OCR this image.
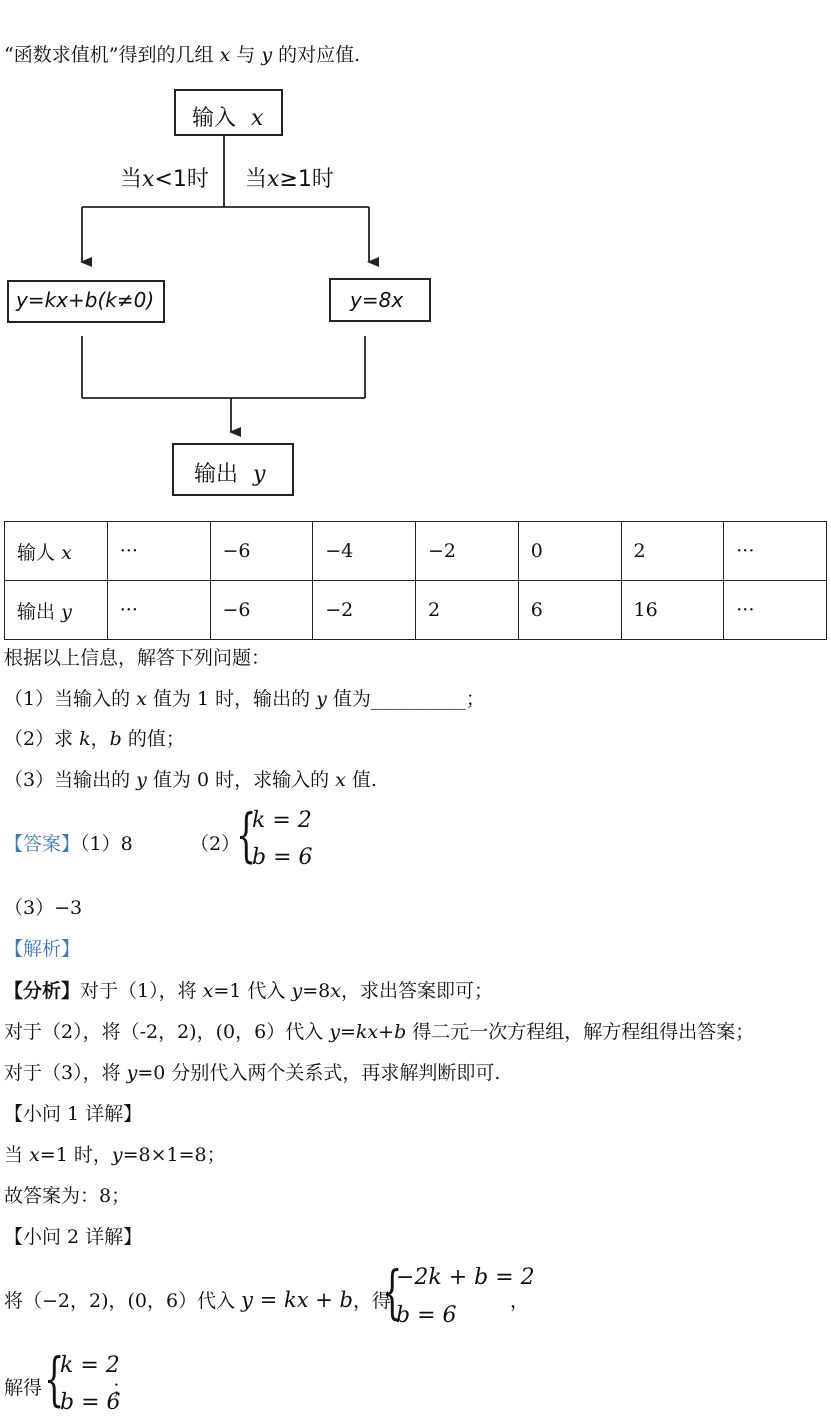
“函数求值机”得到的几组 x 与 y 的对应值.
输入 x
当x<1时 当x≥1时
y=kx+b(k≠0)	y=8x
输出 y
输人 x	···	−6	−4	−2	0	2	···
输出 y	···	−6	−2	2	6	16	···
根据以上信息，解答下列问题：
（1）当输入的 x 值为 1 时，输出的 y 值为__________；
（2）求 k，b 的值；
（3）当输出的 y 值为 0 时，求输入的 x 值.
【答案】（1）8	（2）
{
k = 2
b = 6
（3）−3
【解析】
【分析】对于（1），将 x=1 代入 y=8x，求出答案即可；
对于（2），将（-2，2)，(0，6）代入 y=kx+b 得二元一次方程组，解方程组得出答案；
对于（3），将 y=0 分别代入两个关系式，再求解判断即可.
【小问 1 详解】
当 x=1 时，y=8×1=8；
故答案为：8；
【小问 2 详解】
将（−2，2)，(0，6）代入 y = kx + b，得
{
−2k + b = 2
b = 6
，
解得 {
k = 2
b = 6
；
